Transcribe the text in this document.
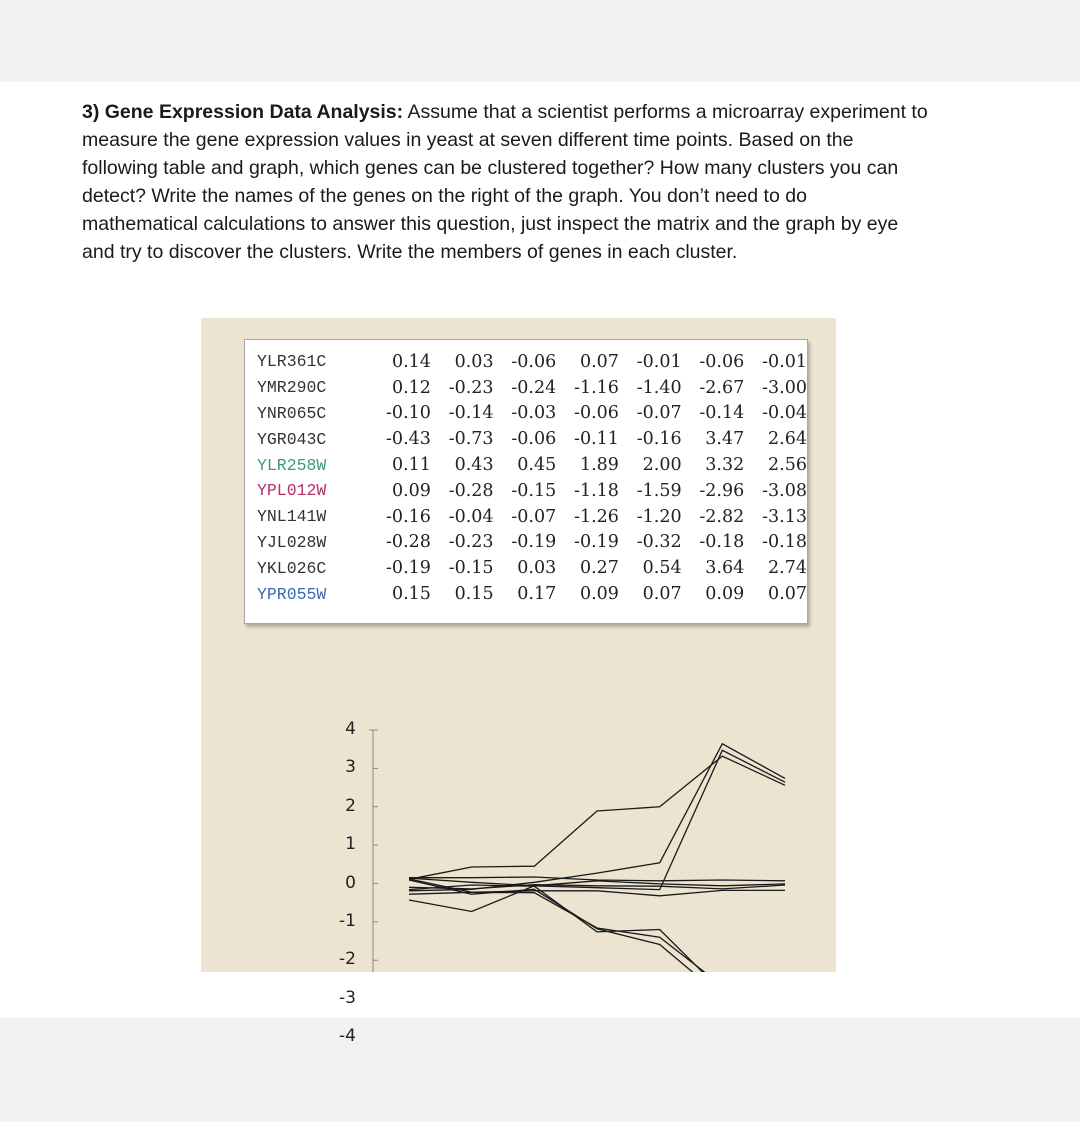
3) Gene Expression Data Analysis: Assume that a scientist performs a microarray experiment to
measure the gene expression values in yeast at seven different time points. Based on the
following table and graph, which genes can be clustered together? How many clusters you can
detect? Write the names of the genes on the right of the graph. You don’t need to do
mathematical calculations to answer this question, just inspect the matrix and the graph by eye
and try to discover the clusters. Write the members of genes in each cluster.
YLR361C	0.14	0.03	-0.06	0.07	-0.01	-0.06	-0.01
YMR290C	0.12	-0.23	-0.24	-1.16	-1.40	-2.67	-3.00
YNR065C	-0.10	-0.14	-0.03	-0.06	-0.07	-0.14	-0.04
YGR043C	-0.43	-0.73	-0.06	-0.11	-0.16	3.47	2.64
YLR258W	0.11	0.43	0.45	1.89	2.00	3.32	2.56
YPL012W	0.09	-0.28	-0.15	-1.18	-1.59	-2.96	-3.08
YNL141W	-0.16	-0.04	-0.07	-1.26	-1.20	-2.82	-3.13
YJL028W	-0.28	-0.23	-0.19	-0.19	-0.32	-0.18	-0.18
YKL026C	-0.19	-0.15	0.03	0.27	0.54	3.64	2.74
YPR055W	0.15	0.15	0.17	0.09	0.07	0.09	0.07
4
3
2
1
0
-1
-2
-3
-4
